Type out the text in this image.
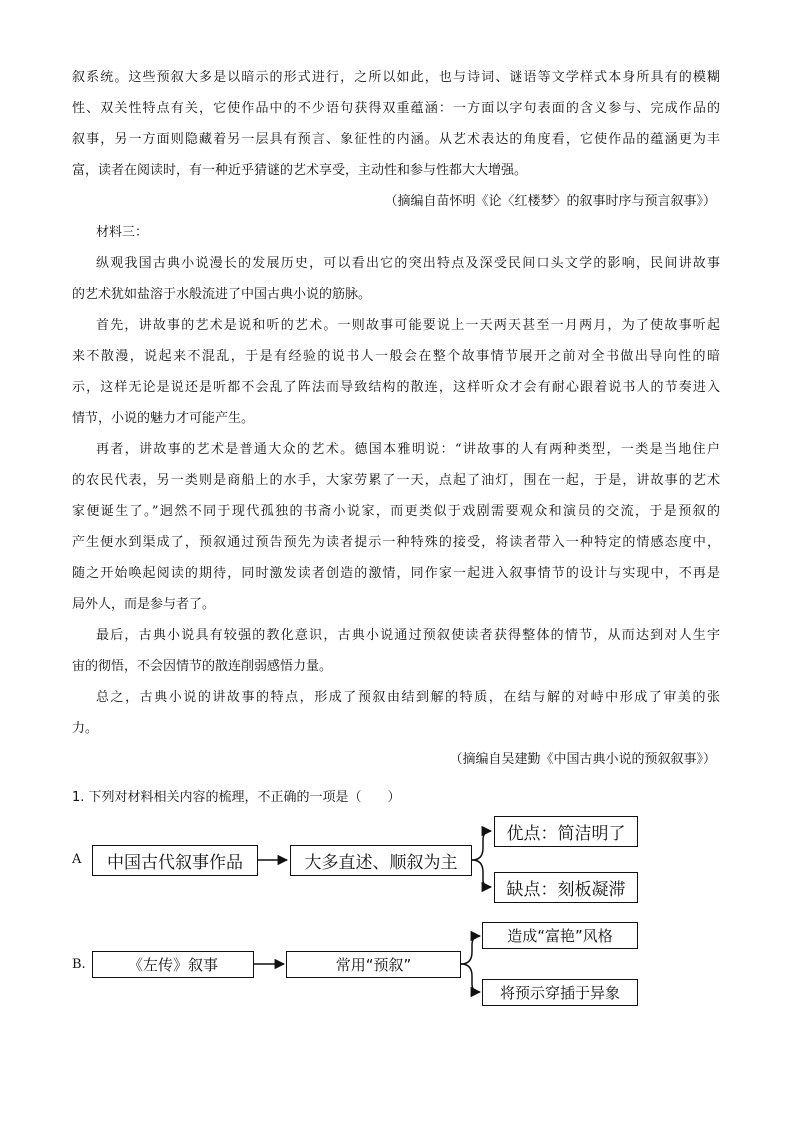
叙系统。这些预叙大多是以暗示的形式进行，之所以如此，也与诗词、谜语等文学样式本身所具有的模糊
性、双关性特点有关，它使作品中的不少语句获得双重蕴涵：一方面以字句表面的含义参与、完成作品的
叙事，另一方面则隐藏着另一层具有预言、象征性的内涵。从艺术表达的角度看，它使作品的蕴涵更为丰
富，读者在阅读时，有一种近乎猜谜的艺术享受，主动性和参与性都大大增强。
（摘编自苗怀明《论〈红楼梦〉的叙事时序与预言叙事》）
材料三：
纵观我国古典小说漫长的发展历史，可以看出它的突出特点及深受民间口头文学的影响，民间讲故事
的艺术犹如盐溶于水般流进了中国古典小说的筋脉。
首先，讲故事的艺术是说和听的艺术。一则故事可能要说上一天两天甚至一月两月，为了使故事听起
来不散漫，说起来不混乱，于是有经验的说书人一般会在整个故事情节展开之前对全书做出导向性的暗
示，这样无论是说还是听都不会乱了阵法而导致结构的散连，这样听众才会有耐心跟着说书人的节奏进入
情节，小说的魅力才可能产生。
再者，讲故事的艺术是普通大众的艺术。德国本雅明说：“讲故事的人有两种类型，一类是当地住户
的农民代表，另一类则是商船上的水手，大家劳累了一天，点起了油灯，围在一起，于是，讲故事的艺术
家便诞生了。”迥然不同于现代孤独的书斋小说家，而更类似于戏剧需要观众和演员的交流，于是预叙的
产生便水到渠成了，预叙通过预告预先为读者提示一种特殊的接受，将读者带入一种特定的情感态度中，
随之开始唤起阅读的期待，同时激发读者创造的激情，同作家一起进入叙事情节的设计与实现中，不再是
局外人，而是参与者了。
最后，古典小说具有较强的教化意识，古典小说通过预叙使读者获得整体的情节，从而达到对人生宇
宙的彻悟，不会因情节的散连削弱感悟力量。
总之，古典小说的讲故事的特点，形成了预叙由结到解的特质，在结与解的对峙中形成了审美的张
力。
（摘编自吴建勤《中国古典小说的预叙叙事》）
1. 下列对材料相关内容的梳理，不正确的一项是（　　）
A	中国古代叙事作品	大多直述、顺叙为主
优点：简洁明了
缺点：刻板凝滞
B.	《左传》叙事	常用“预叙”
造成“富艳”风格
将预示穿插于异象
